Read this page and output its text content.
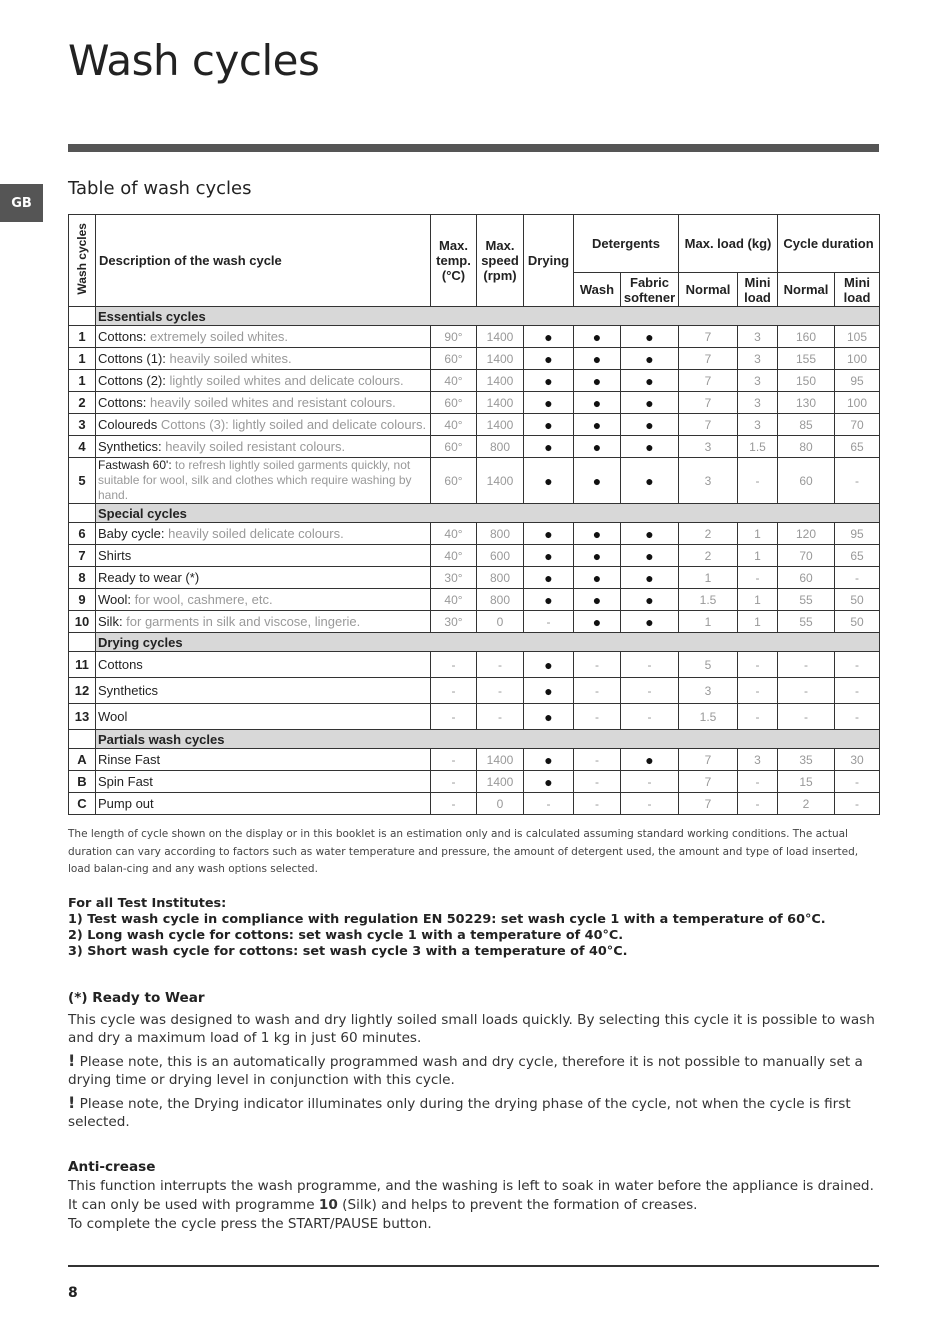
Wash cycles
GB
Table of wash cycles
Wash cycles	Description of the wash cycle	Max. temp. (°C)	Max. speed (rpm)	Drying	Detergents		Max. load (kg)		Cycle duration	
					Wash	Fabric softener	Normal	Mini load	Normal	Mini load
	Essentials cycles									
1	Cottons: extremely soiled whites.	90°	1400	●	●	●	7	3	160	105
1	Cottons (1): heavily soiled whites.	60°	1400	●	●	●	7	3	155	100
1	Cottons (2): lightly soiled whites and delicate colours.	40°	1400	●	●	●	7	3	150	95
2	Cottons: heavily soiled whites and resistant colours.	60°	1400	●	●	●	7	3	130	100
3	Coloureds Cottons (3): lightly soiled and delicate colours.	40°	1400	●	●	●	7	3	85	70
4	Synthetics: heavily soiled resistant colours.	60°	800	●	●	●	3	1.5	80	65
5	Fastwash 60': to refresh lightly soiled garments quickly, not suitable for wool, silk and clothes which require washing by hand.	60°	1400	●	●	●	3	-	60	-
	Special cycles									
6	Baby cycle: heavily soiled delicate colours.	40°	800	●	●	●	2	1	120	95
7	Shirts	40°	600	●	●	●	2	1	70	65
8	Ready to wear (*)	30°	800	●	●	●	1	-	60	-
9	Wool: for wool, cashmere, etc.	40°	800	●	●	●	1.5	1	55	50
10	Silk: for garments in silk and viscose, lingerie.	30°	0	-	●	●	1	1	55	50
	Drying cycles									
11	Cottons	-	-	●	-	-	5	-	-	-
12	Synthetics	-	-	●	-	-	3	-	-	-
13	Wool	-	-	●	-	-	1.5	-	-	-
	Partials wash cycles									
A	Rinse Fast	-	1400	●	-	●	7	3	35	30
B	Spin Fast	-	1400	●	-	-	7	-	15	-
C	Pump out	-	0	-	-	-	7	-	2	-
The length of cycle shown on the display or in this booklet is an estimation only and is calculated assuming standard working conditions. The actual duration can vary according to factors such as water temperature and pressure, the amount of detergent used, the amount and type of load inserted, load balan-cing and any wash options selected.
For all Test Institutes:
1) Test wash cycle in compliance with regulation EN 50229: set wash cycle 1 with a temperature of 60°C.
2) Long wash cycle for cottons: set wash cycle 1 with a temperature of 40°C.
3) Short wash cycle for cottons: set wash cycle 3 with a temperature of 40°C.
(*) Ready to Wear
This cycle was designed to wash and dry lightly soiled small loads quickly. By selecting this cycle it is possible to wash and dry a maximum load of 1 kg in just 60 minutes.
! Please note, this is an automatically programmed wash and dry cycle, therefore it is not possible to manually set a drying time or drying level in conjunction with this cycle.
! Please note, the Drying indicator illuminates only during the drying phase of the cycle, not when the cycle is first selected.
Anti-crease
This function interrupts the wash programme, and the washing is left to soak in water before the appliance is drained.
It can only be used with programme 10 (Silk) and helps to prevent the formation of creases.
To complete the cycle press the START/PAUSE button.
8
